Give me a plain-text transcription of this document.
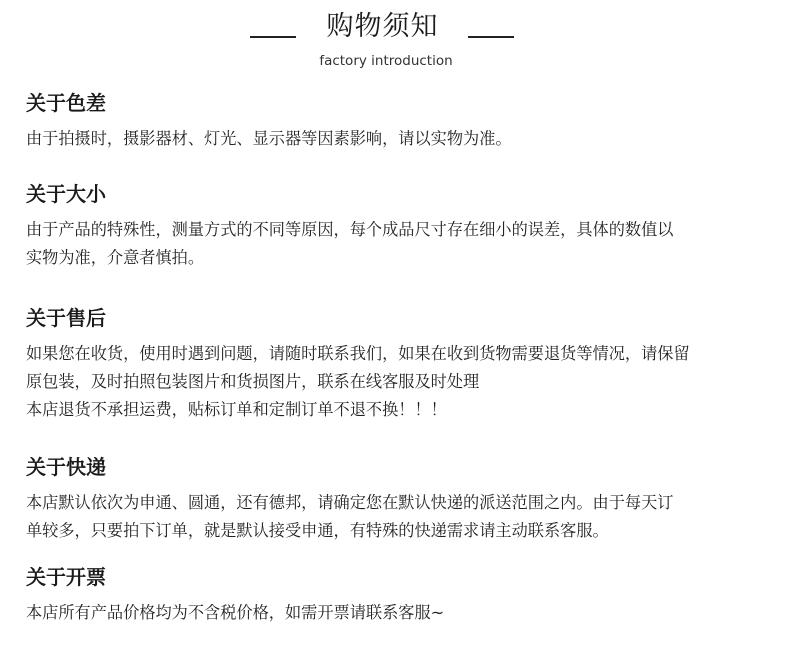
购物须知
factory introduction
关于色差

由于拍摄时，摄影器材、灯光、显示器等因素影响，请以实物为准。

关于大小

由于产品的特殊性，测量方式的不同等原因，每个成品尺寸存在细小的误差，具体的数值以

实物为准，介意者慎拍。

关于售后

如果您在收货，使用时遇到问题，请随时联系我们，如果在收到货物需要退货等情况，请保留

原包装，及时拍照包装图片和货损图片，联系在线客服及时处理

本店退货不承担运费，贴标订单和定制订单不退不换！！！

关于快递

本店默认依次为申通、圆通，还有德邦，请确定您在默认快递的派送范围之内。由于每天订

单较多，只要拍下订单，就是默认接受申通，有特殊的快递需求请主动联系客服。

关于开票

本店所有产品价格均为不含税价格，如需开票请联系客服~
